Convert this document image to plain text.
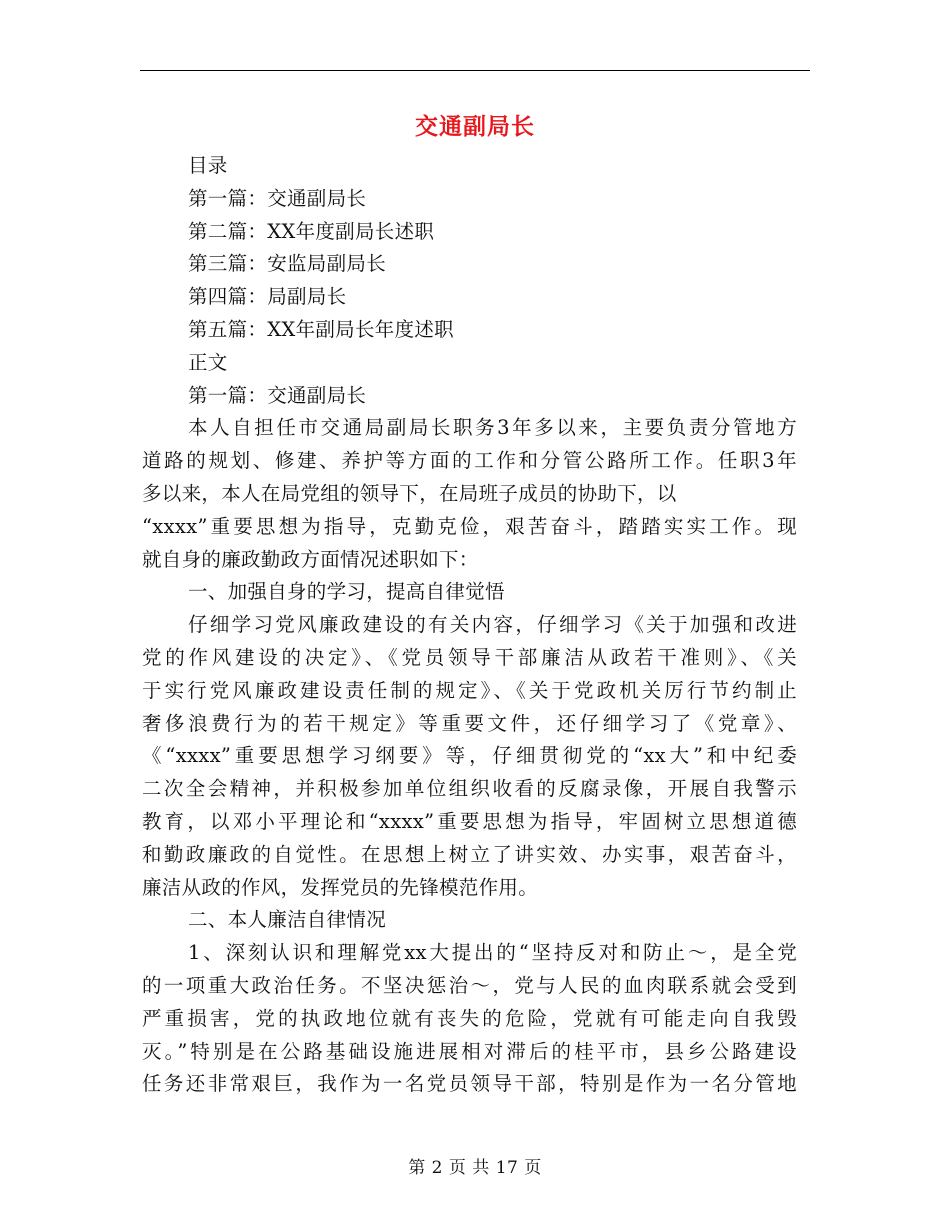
交通副局长
目录
第一篇：交通副局长
第二篇：XX年度副局长述职
第三篇：安监局副局长
第四篇：局副局长
第五篇：XX年副局长年度述职
正文
第一篇：交通副局长
本人自担任市交通局副局长职务3年多以来，主要负责分管地方
道路的规划、修建、养护等方面的工作和分管公路所工作。任职3年
多以来，本人在局党组的领导下，在局班子成员的协助下，以
“xxxx”重要思想为指导，克勤克俭，艰苦奋斗，踏踏实实工作。现
就自身的廉政勤政方面情况述职如下：
一、加强自身的学习，提高自律觉悟
仔细学习党风廉政建设的有关内容，仔细学习《关于加强和改进
党的作风建设的决定》、《党员领导干部廉洁从政若干准则》、《关
于实行党风廉政建设责任制的规定》、《关于党政机关厉行节约制止
奢侈浪费行为的若干规定》等重要文件，还仔细学习了《党章》、
《“xxxx”重要思想学习纲要》等，仔细贯彻党的“xx大”和中纪委
二次全会精神，并积极参加单位组织收看的反腐录像，开展自我警示
教育，以邓小平理论和“xxxx”重要思想为指导，牢固树立思想道德
和勤政廉政的自觉性。在思想上树立了讲实效、办实事，艰苦奋斗，
廉洁从政的作风，发挥党员的先锋模范作用。
二、本人廉洁自律情况
1、深刻认识和理解党xx大提出的“坚持反对和防止～，是全党
的一项重大政治任务。不坚决惩治～，党与人民的血肉联系就会受到
严重损害，党的执政地位就有丧失的危险，党就有可能走向自我毁
灭。”特别是在公路基础设施进展相对滞后的桂平市，县乡公路建设
任务还非常艰巨，我作为一名党员领导干部，特别是作为一名分管地
第 2 页 共 17 页
